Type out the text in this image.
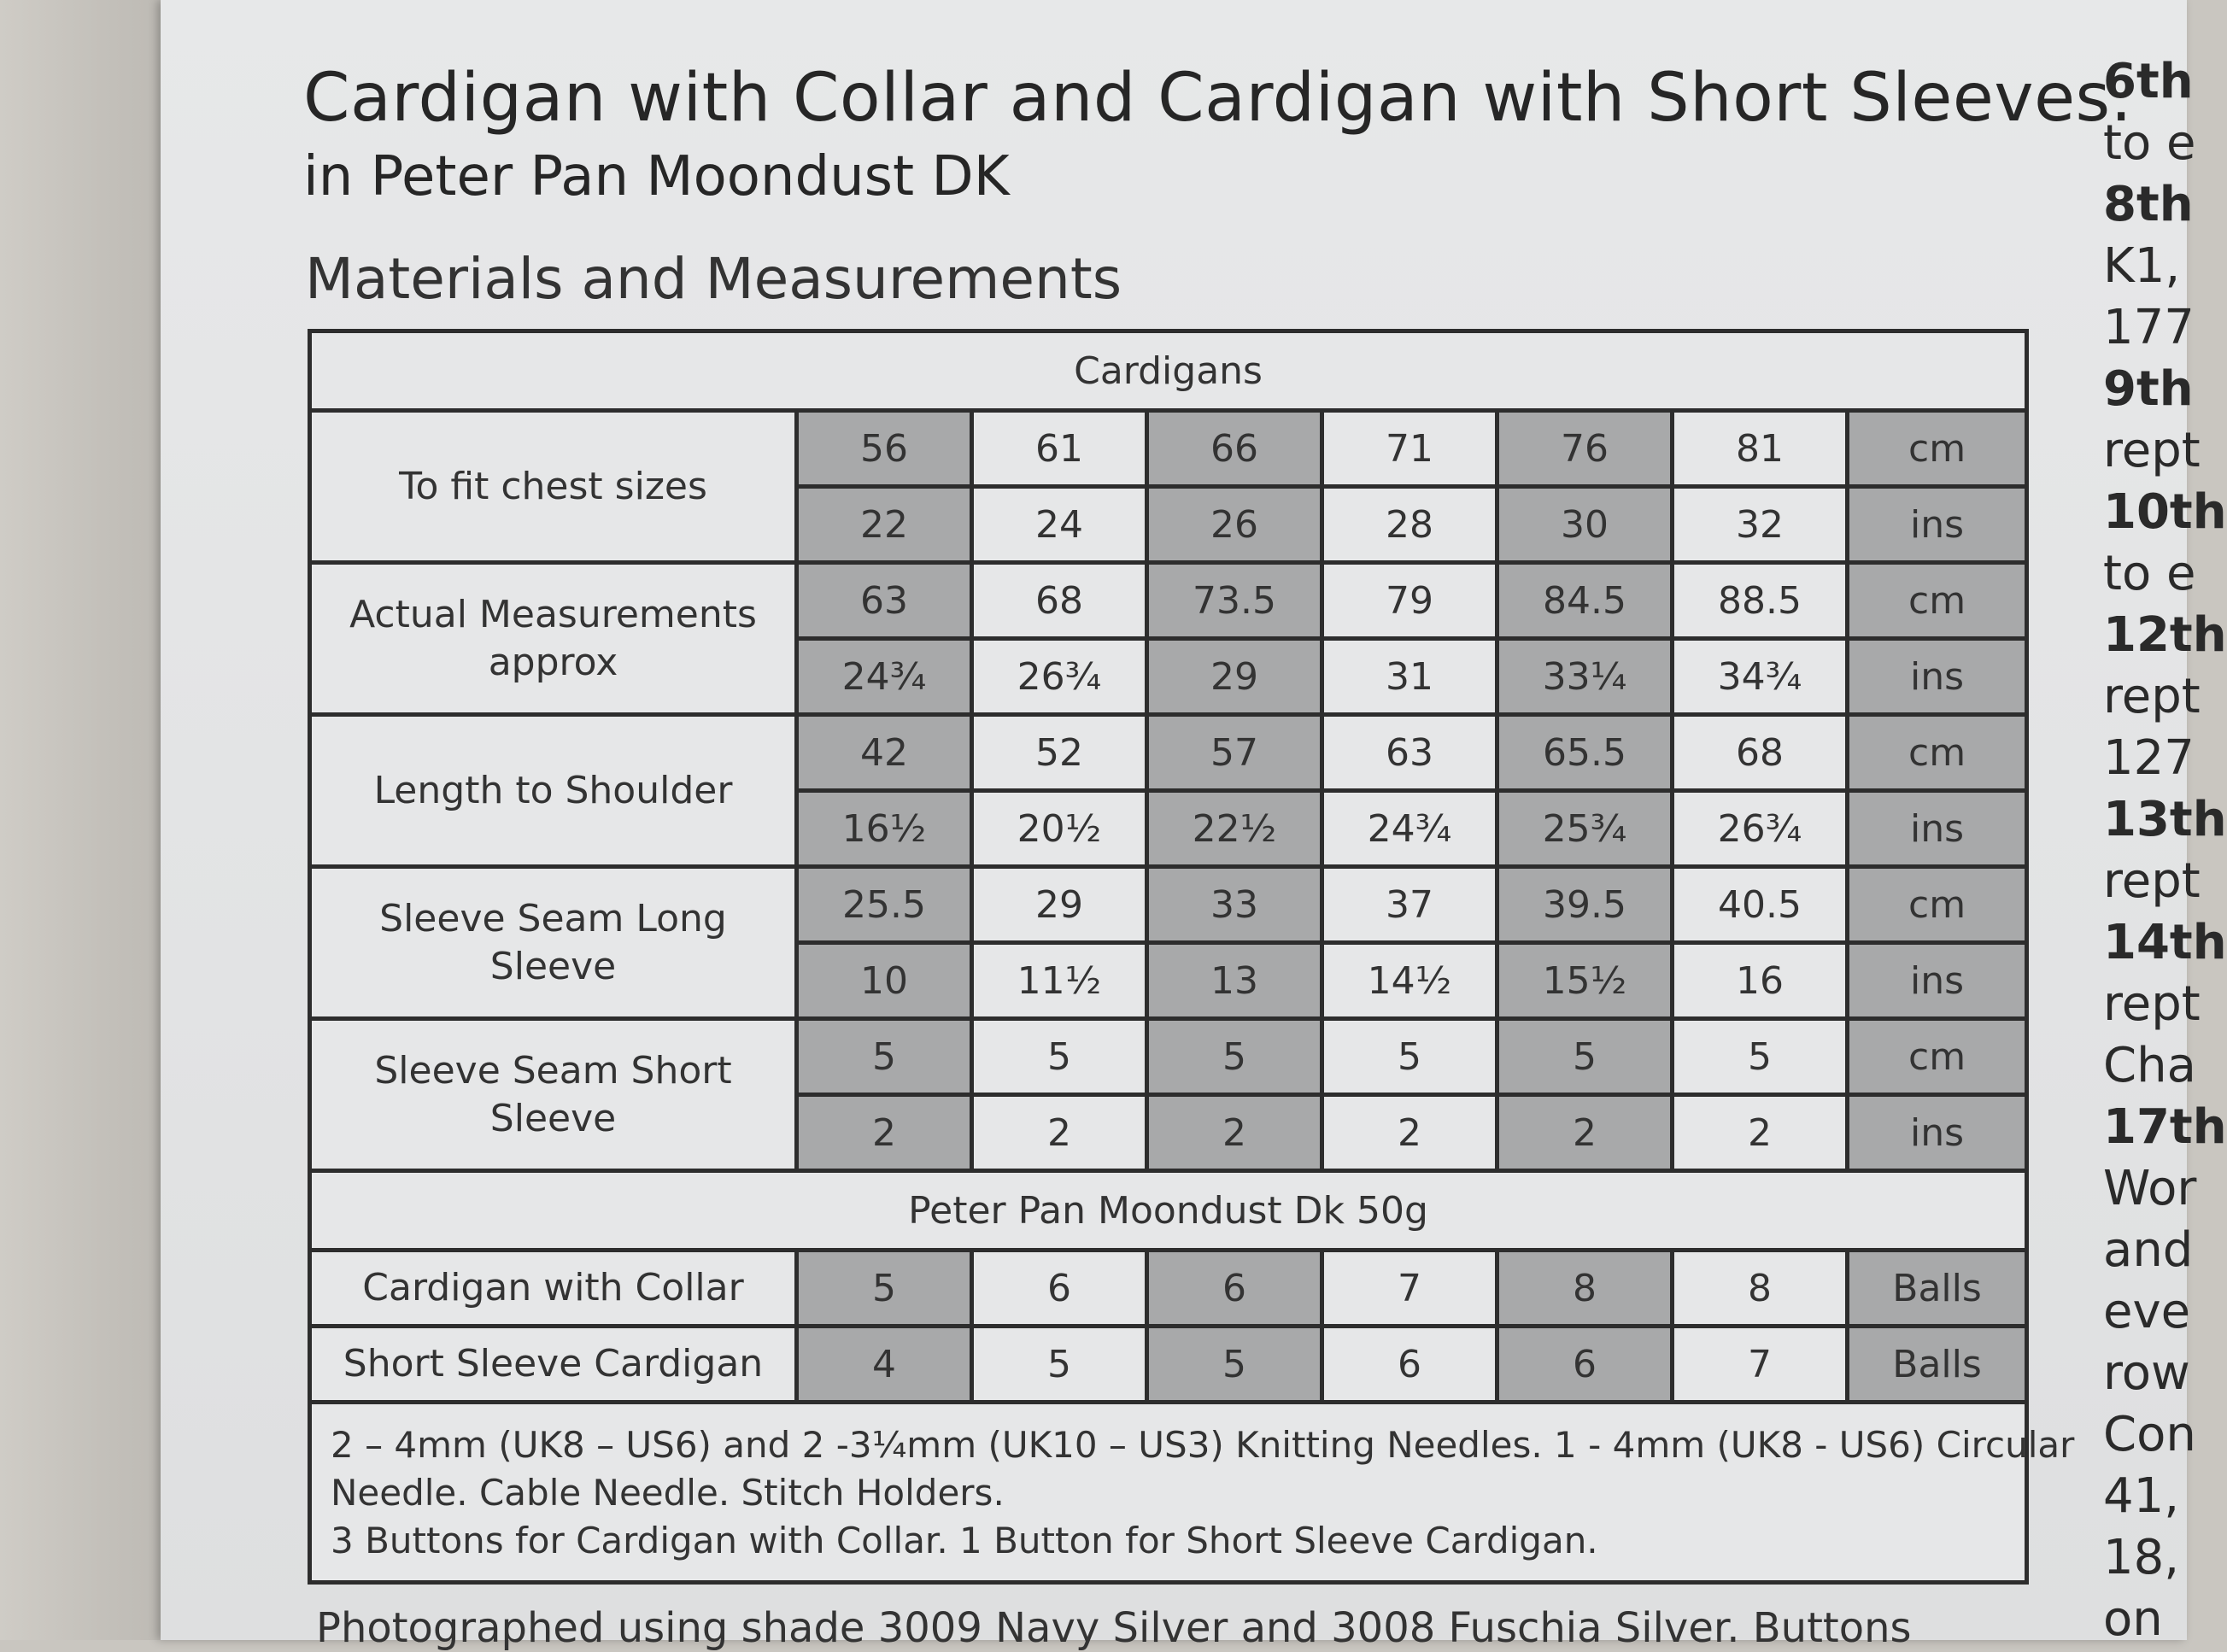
Cardigan with Collar and Cardigan with Short Sleeves.

in Peter Pan Moondust DK

Materials and Measurements
Cardigans							
To fit chest sizes	56	61	66	71	76	81	cm
	22	24	26	28	30	32	ins
Actual Measurements approx	63	68	73.5	79	84.5	88.5	cm
	24¾	26¾	29	31	33¼	34¾	ins
Length to Shoulder	42	52	57	63	65.5	68	cm
	16½	20½	22½	24¾	25¾	26¾	ins
Sleeve Seam Long Sleeve	25.5	29	33	37	39.5	40.5	cm
	10	11½	13	14½	15½	16	ins
Sleeve Seam Short Sleeve	5	5	5	5	5	5	cm
	2	2	2	2	2	2	ins
Peter Pan Moondust Dk 50g							
Cardigan with Collar	5	6	6	7	8	8	Balls
Short Sleeve Cardigan	4	5	5	6	6	7	Balls

2 – 4mm (UK8 – US6) and 2 -3¼mm (UK10 – US3) Knitting Needles. 1 - 4mm (UK8 - US6) Circular
Needle. Cable Needle. Stitch Holders.
3 Buttons for Cardigan with Collar. 1 Button for Short Sleeve Cardigan.							

Photographed using shade 3009 Navy Silver and 3008 Fuschia Silver. Buttons

6th
to e
8th
K1,
177
9th
rept
10th
to e
12th
rept
127
13th
rept
14th
rept
Cha
17th
Wor
and
eve
row
Con
41,
18,
on
